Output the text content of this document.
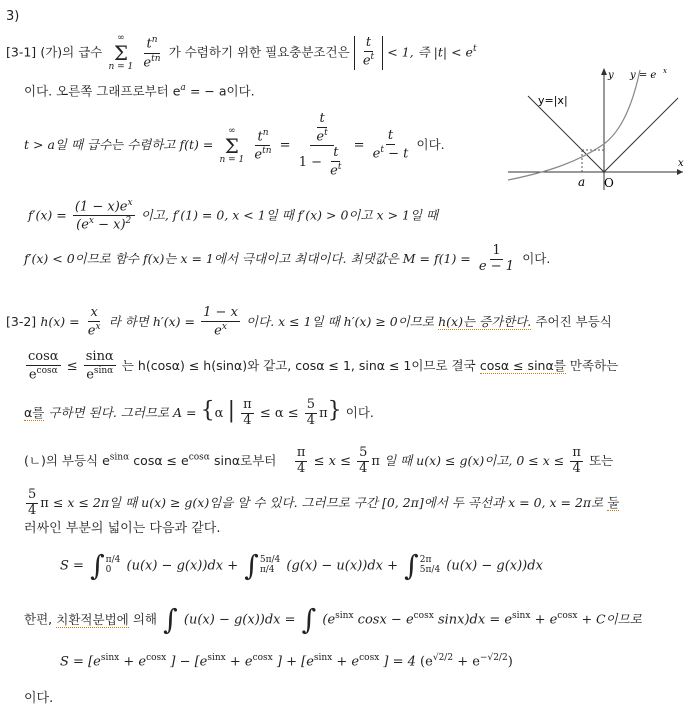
3)
[3-1] (가)의 급수
∞
Σ
n = 1
$\frac{t^n}{e^{tn}}$ 가 수렴하기 위한 필요충분조건은 $\frac{t}{e^t} < 1$, 즉 $|t| < e^t$
이다. 오른쪽 그래프로부터 $e^a$ = − a이다.
t > a일 때 급수는 수렴하고 f(t) =
∞
Σ
n = 1
$\frac{t^n}{e^{tn}} = \frac{\frac{t}{e^t}}{1 - \frac{t}{e^t}} = \frac{t}{e^t - t}$ 이다.
y=|x|
y = e x
y
x
a O
$f'(x) = \frac{(1 - x)e^x}{(e^x - x)^2}$ 이고, f′(1) = 0, x < 1일 때 f′(x) > 0이고 x > 1일 때
f′(x) < 0이므로 함수 f(x)는 x = 1에서 극대이고 최대이다. 최댓값은 $M = f(1) = \frac{1}{e - 1}$ 이다.
[3-2] $h(x) = \frac{x}{e^x}$ 라 하면 $h'(x) = \frac{1 - x}{e^x}$ 이다. x ≤ 1일 때 h′(x) ≥ 0이므로 h(x)는 증가한다. 주어진 부등식
$\frac{\cos\alpha}{e^{cos\alpha}} \le \frac{\sin\alpha}{e^{sin\alpha}}$ 는 h(cosα) ≤ h(sinα)와 같고, cosα ≤ 1, sinα ≤ 1이므로 결국 cosα ≤ sinα를 만족하는
α를 구하면 된다. 그러므로 A = {α | $\frac{\pi}{4} \le \alpha \le \frac{5}{4} \pi$} 이다.
(ㄴ)의 부등식 $e^{sin\alpha}$ $\cos\alpha \le e^{cos\alpha}$ sinα로부터 $\frac{\pi}{4} \le x \le \frac{5}{4}$ π 일 때 u(x) ≤ g(x)이고, $0 \le x \le \frac{\pi}{4}$ 또는
$\frac{5}{4}$ π ≤ x ≤ 2π일 때 u(x) ≥ g(x)임을 알 수 있다. 그러므로 구간 [0, 2π]에서 두 곡선과 x = 0, x = 2π로 둘
러싸인 부분의 넓이는 다음과 같다.
S = ∫ π/4
0	(u(x) − g(x))dx + ∫ 5π/4
π/4 (g(x) − u(x))dx + ∫ 2π
5π/4 (u(x) − g(x))dx
한편, 치환적분법에 의해 ∫ (u(x) − g(x))dx = ∫ ($e^{sinx}$ $\cos x - e^{cosx}$ $\sin x)dx = e^{sinx} + e^{cosx} + C$이므로
$S = [e^{sinx} + e^{cosx}$ ] − [$e^{sinx} + e^{cosx}$ ] + [$e^{sinx} + e^{cosx}$ ] = 4 $(e^{√2/2} + e^{-√2/2})$
이다.
